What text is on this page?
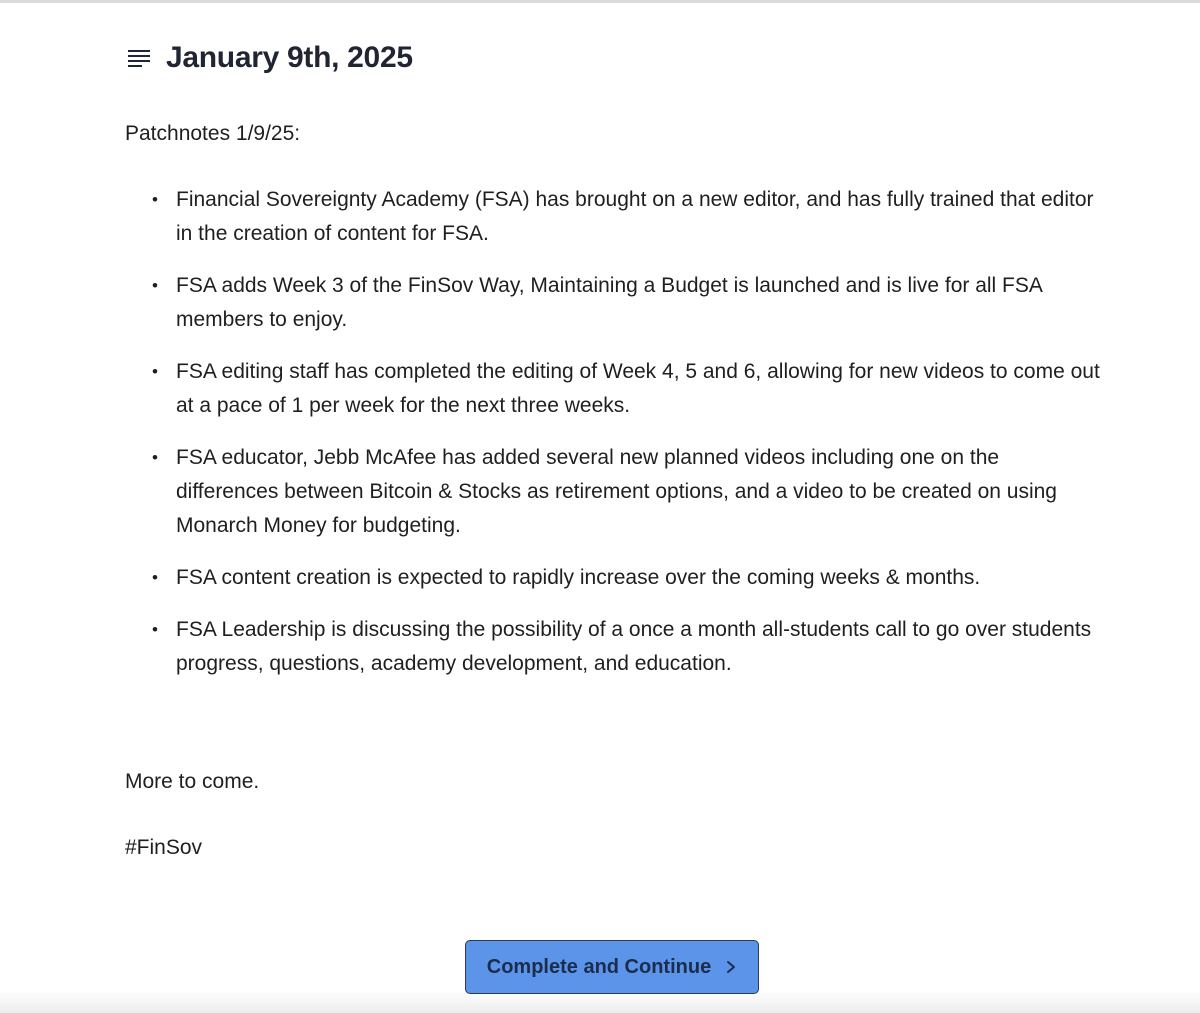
January 9th, 2025
Patchnotes 1/9/25:
• Financial Sovereignty Academy (FSA) has brought on a new editor, and has fully trained that editor in the creation of content for FSA.
• FSA adds Week 3 of the FinSov Way, Maintaining a Budget is launched and is live for all FSA members to enjoy.
• FSA editing staff has completed the editing of Week 4, 5 and 6, allowing for new videos to come out at a pace of 1 per week for the next three weeks.
• FSA educator, Jebb McAfee has added several new planned videos including one on the differences between Bitcoin & Stocks as retirement options, and a video to be created on using Monarch Money for budgeting.
• FSA content creation is expected to rapidly increase over the coming weeks & months.
• FSA Leadership is discussing the possibility of a once a month all-students call to go over students progress, questions, academy development, and education.
More to come.
#FinSov
Complete and Continue
